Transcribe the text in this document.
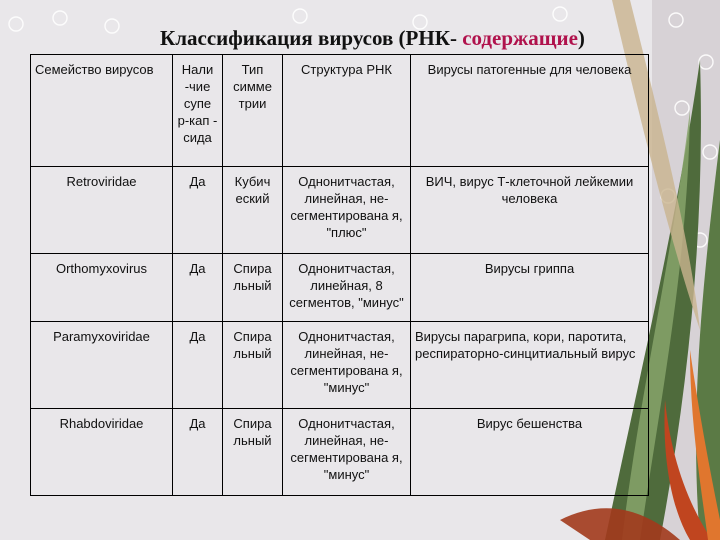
Классификация вирусов (РНК- содержащие)
Семейство вирусов	Нали -чие супе р-кап - сида	Тип симме трии	Структура РНК	Вирусы патогенные для человека
Retroviridae	Да	Кубич еский	Однонитчастая, линейная, не-сегментирована я, "плюс"	ВИЧ, вирус Т-клеточной лейкемии человека
Orthomyxovirus	Да	Спира льный	Однонитчастая, линейная, 8 сегментов, "минус"	Вирусы гриппа
Paramyxoviridae	Да	Спира льный	Однонитчастая, линейная, не-сегментирована я, "минус"	Вирусы парагрипа, кори, паротита, респираторно-синцитиальный вирус
Rhabdoviridae	Да	Спира льный	Однонитчастая, линейная, не-сегментирована я, "минус"	Вирус бешенства
